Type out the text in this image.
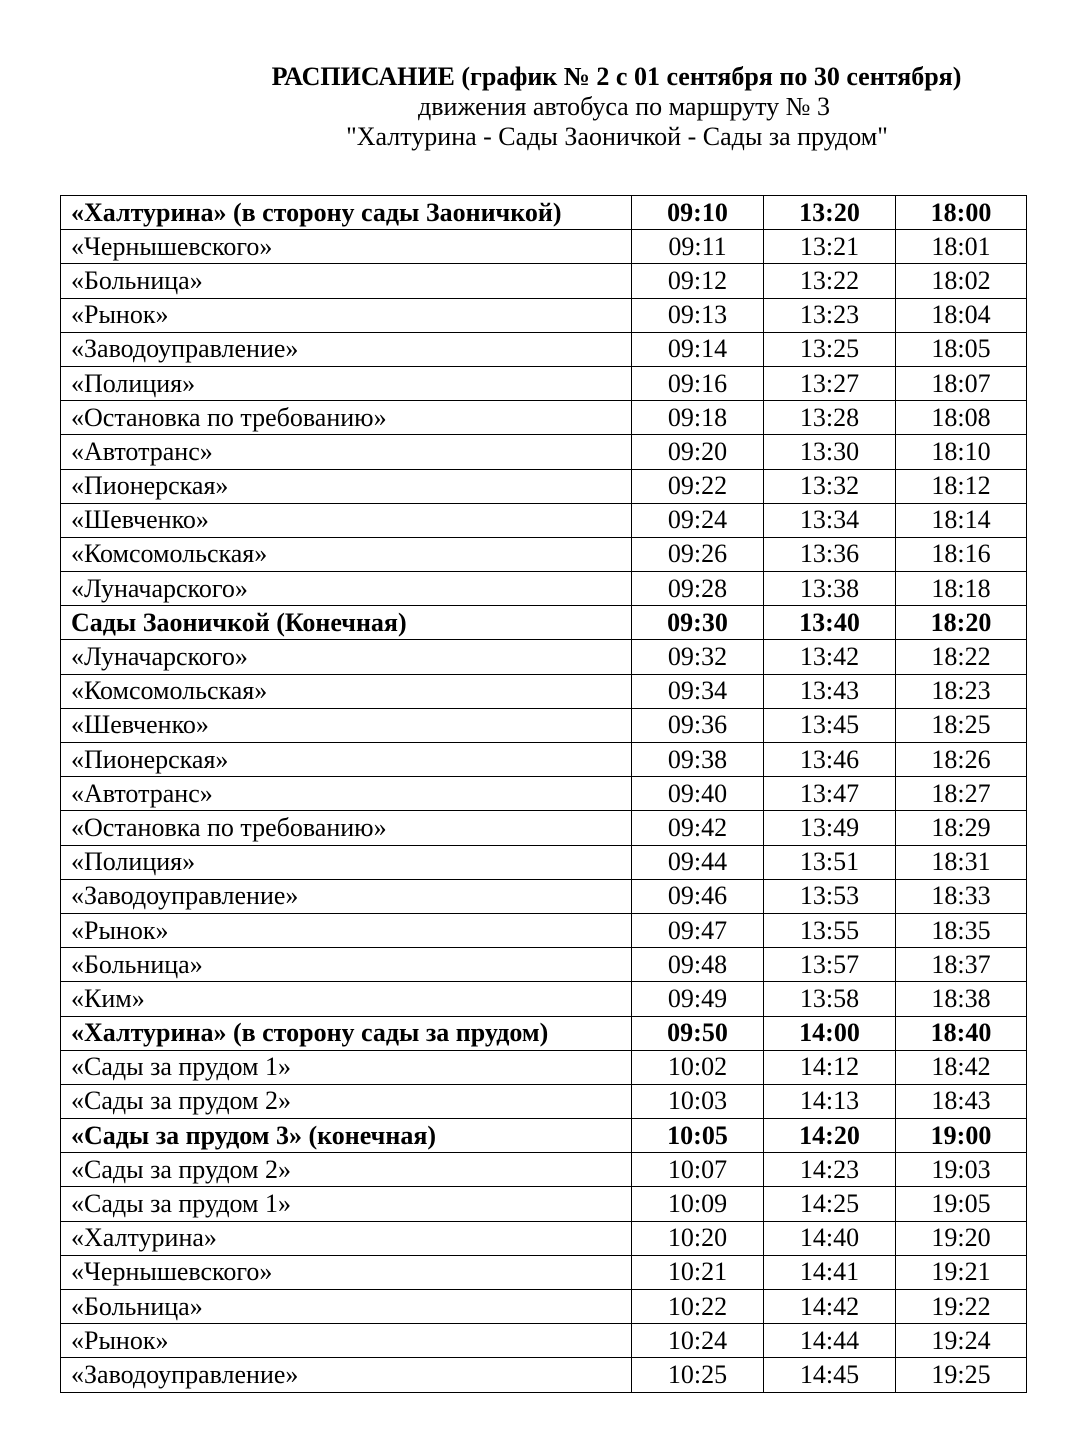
РАСПИСАНИЕ (график № 2 с 01 сентября по 30 сентября)
движения автобуса по маршруту № 3
"Халтурина - Сады Заоничкой - Сады за прудом"
«Халтурина» (в сторону сады Заоничкой)	09:10	13:20	18:00
«Чернышевского»	09:11	13:21	18:01
«Больница»	09:12	13:22	18:02
«Рынок»	09:13	13:23	18:04
«Заводоуправление»	09:14	13:25	18:05
«Полиция»	09:16	13:27	18:07
«Остановка по требованию»	09:18	13:28	18:08
«Автотранс»	09:20	13:30	18:10
«Пионерская»	09:22	13:32	18:12
«Шевченко»	09:24	13:34	18:14
«Комсомольская»	09:26	13:36	18:16
«Луначарского»	09:28	13:38	18:18
Сады Заоничкой (Конечная)	09:30	13:40	18:20
«Луначарского»	09:32	13:42	18:22
«Комсомольская»	09:34	13:43	18:23
«Шевченко»	09:36	13:45	18:25
«Пионерская»	09:38	13:46	18:26
«Автотранс»	09:40	13:47	18:27
«Остановка по требованию»	09:42	13:49	18:29
«Полиция»	09:44	13:51	18:31
«Заводоуправление»	09:46	13:53	18:33
«Рынок»	09:47	13:55	18:35
«Больница»	09:48	13:57	18:37
«Ким»	09:49	13:58	18:38
«Халтурина» (в сторону сады за прудом)	09:50	14:00	18:40
«Сады за прудом 1»	10:02	14:12	18:42
«Сады за прудом 2»	10:03	14:13	18:43
«Сады за прудом 3» (конечная)	10:05	14:20	19:00
«Сады за прудом 2»	10:07	14:23	19:03
«Сады за прудом 1»	10:09	14:25	19:05
«Халтурина»	10:20	14:40	19:20
«Чернышевского»	10:21	14:41	19:21
«Больница»	10:22	14:42	19:22
«Рынок»	10:24	14:44	19:24
«Заводоуправление»	10:25	14:45	19:25
